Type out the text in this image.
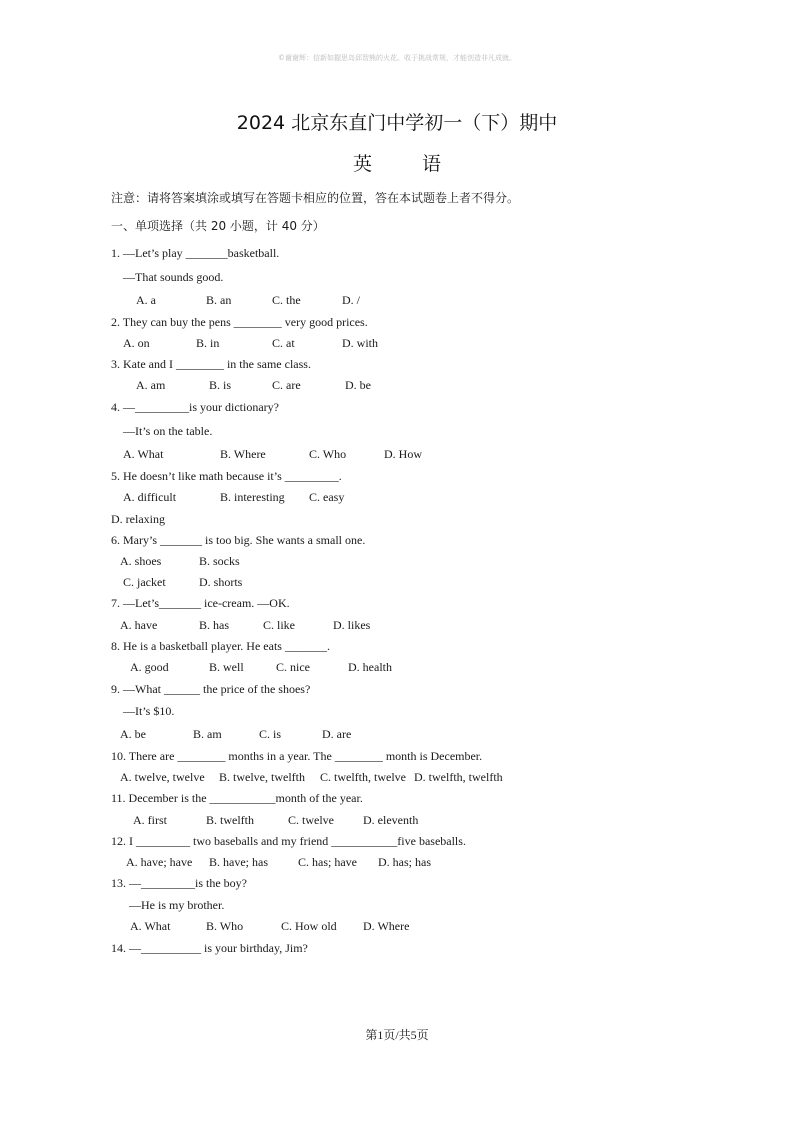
©谢谢辉：信新如握思岛邱智熊的火花。收于挑战常规，才能创造非凡成就。
2024 北京东直门中学初一（下）期中
英	语
注意：请将答案填涂或填写在答题卡相应的位置，答在本试题卷上者不得分。
一、单项选择（共 20 小题，计 40 分）
1. —Let’s play _______basketball.
—That sounds good.
A. a	B. an	C. the	D. /
2. They can buy the pens ________ very good prices.
A. on	B. in	C. at	D. with
3. Kate and I ________ in the same class.
A. am	B. is	C. are	D. be
4. —_________is your dictionary?
—It’s on the table.
A. What	B. Where	C. Who	D. How
5. He doesn’t like math because it’s _________.
A. difficult	B. interesting C. easy
D. relaxing
6. Mary’s _______ is too big. She wants a small one.
A. shoes	B. socks
C. jacket	D. shorts
7. —Let’s_______ ice-cream. —OK.
A. have	B. has	C. like	D. likes
8. He is a basketball player. He eats _______.
A. good	B. well	C. nice	D. health
9. —What ______ the price of the shoes?
—It’s $10.
A. be	B. am	C. is	D. are
10. There are ________ months in a year. The ________ month is December.
A. twelve, twelve B. twelve, twelfth C. twelfth, twelve D. twelfth, twelfth
11. December is the ___________month of the year.
A. first	B. twelfth	C. twelve D. eleventh
12. I _________ two baseballs and my friend ___________five baseballs.
A. have; have B. have; has	C. has; have D. has; has
13. —_________is the boy?
—He is my brother.
A. What	B. Who	C. How old D. Where
14. —__________ is your birthday, Jim?
第1页/共5页
